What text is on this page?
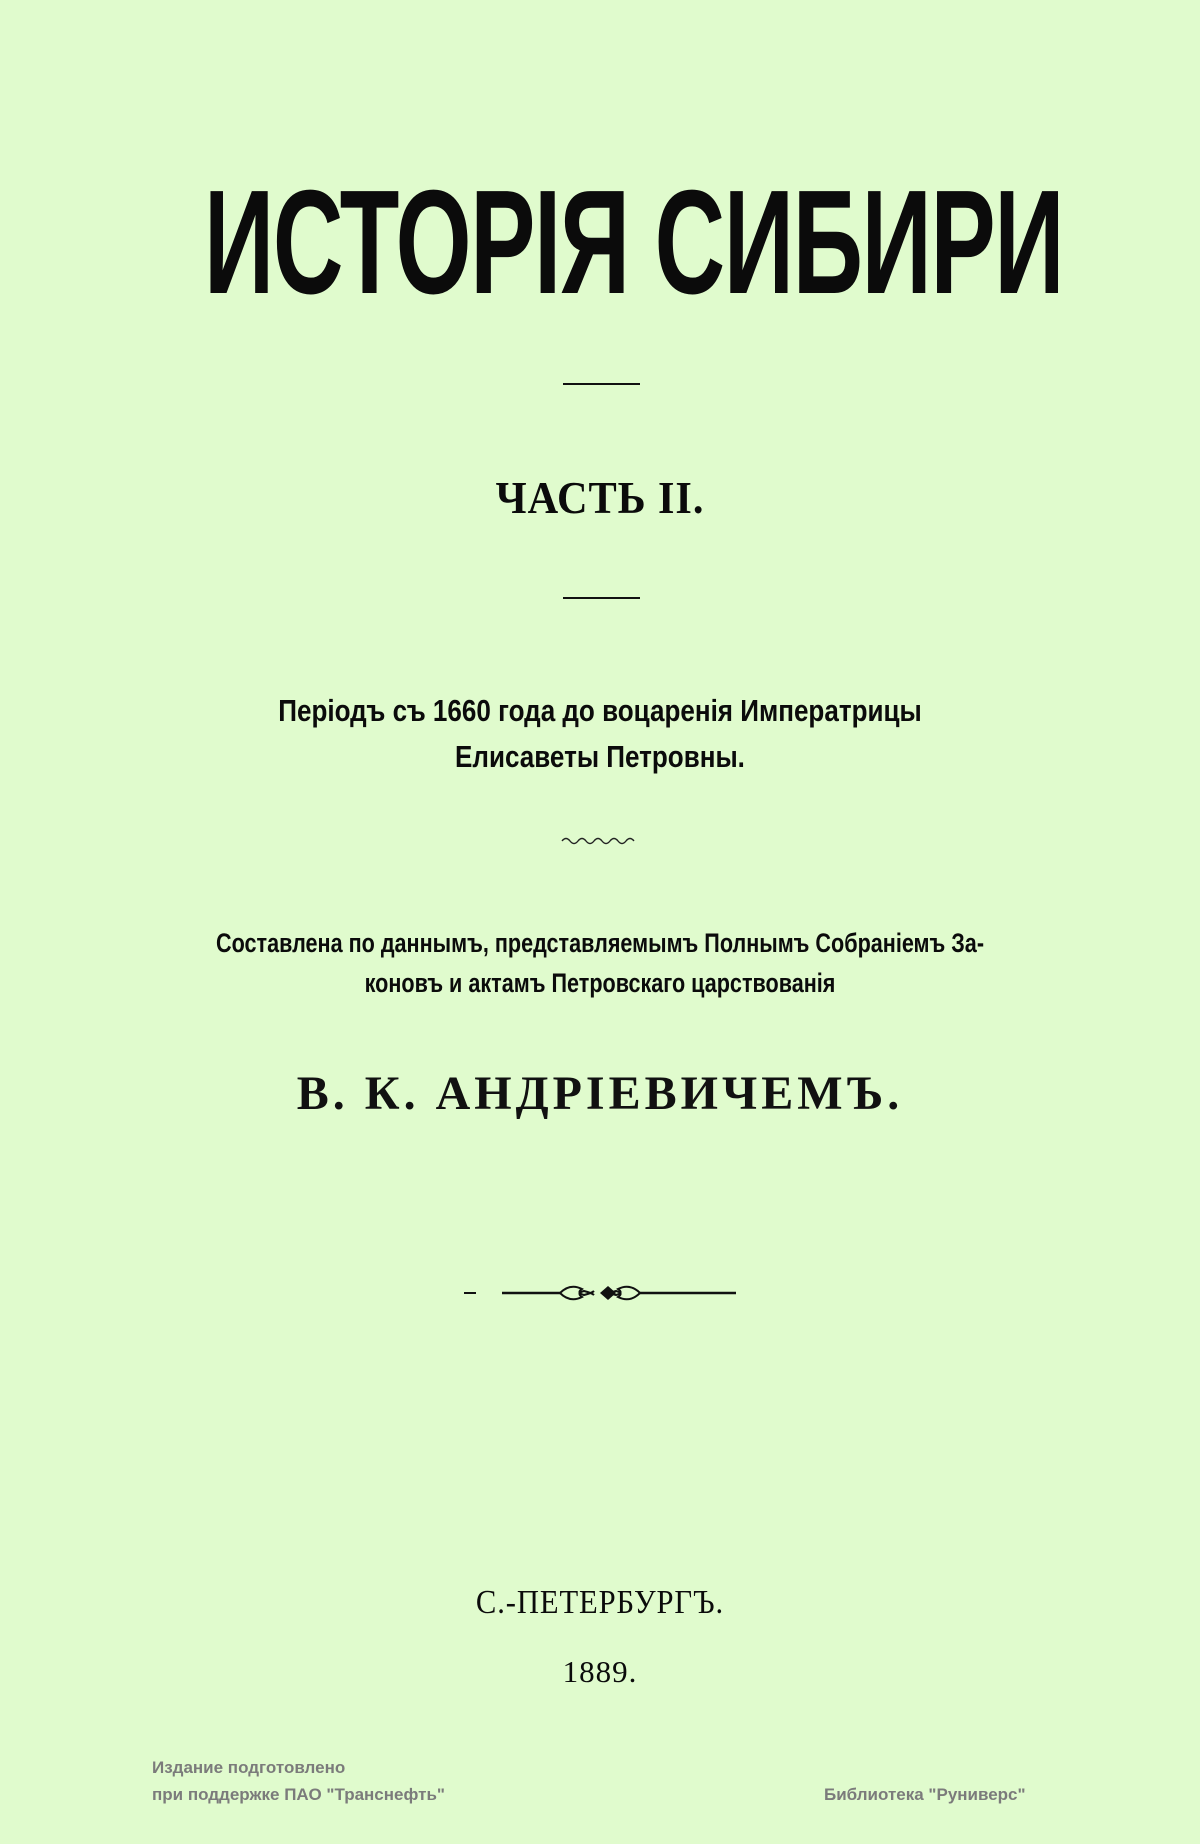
ИСТОРІЯ СИБИРИ
ЧАСТЬ II.
Періодъ съ 1660 года до воцаренія Императрицы
Елисаветы Петровны.
Составлена по даннымъ, представляемымъ Полнымъ Собраніемъ За-
коновъ и актамъ Петровскаго царствованія
В. К. АНДРІЕВИЧЕМЪ.
С.-ПЕТЕРБУРГЪ.
1889.
Издание подготовлено
при поддержке ПАО "Транснефть"	Библиотека "Руниверс"
